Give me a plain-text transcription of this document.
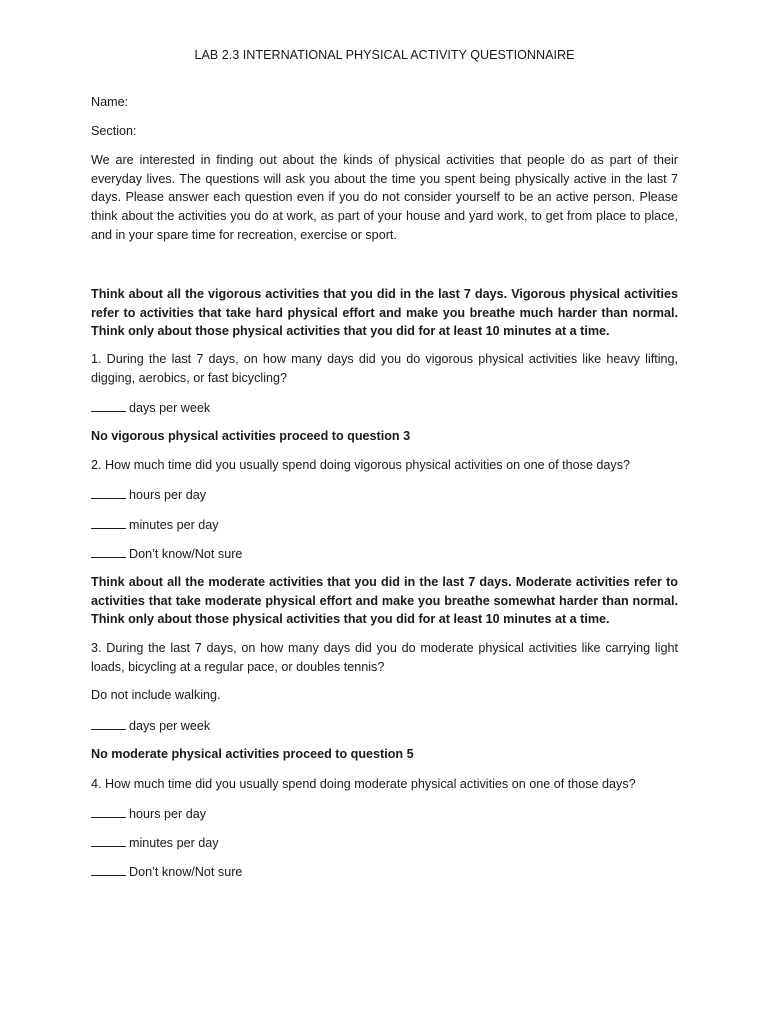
LAB 2.3 INTERNATIONAL PHYSICAL ACTIVITY QUESTIONNAIRE

Name:

Section:

We are interested in finding out about the kinds of physical activities that people do as part of their everyday lives. The questions will ask you about the time you spent being physically active in the last 7 days. Please answer each question even if you do not consider yourself to be an active person. Please think about the activities you do at work, as part of your house and yard work, to get from place to place, and in your spare time for recreation, exercise or sport.

Think about all the vigorous activities that you did in the last 7 days. Vigorous physical activities refer to activities that take hard physical effort and make you breathe much harder than normal. Think only about those physical activities that you did for at least 10 minutes at a time.

1. During the last 7 days, on how many days did you do vigorous physical activities like heavy lifting, digging, aerobics, or fast bicycling?

days per week

No vigorous physical activities proceed to question 3

2. How much time did you usually spend doing vigorous physical activities on one of those days?

hours per day

minutes per day

Don’t know/Not sure

Think about all the moderate activities that you did in the last 7 days. Moderate activities refer to activities that take moderate physical effort and make you breathe somewhat harder than normal. Think only about those physical activities that you did for at least 10 minutes at a time.

3. During the last 7 days, on how many days did you do moderate physical activities like carrying light loads, bicycling at a regular pace, or doubles tennis?

Do not include walking.

days per week

No moderate physical activities proceed to question 5

4. How much time did you usually spend doing moderate physical activities on one of those days?

hours per day

minutes per day

Don’t know/Not sure
